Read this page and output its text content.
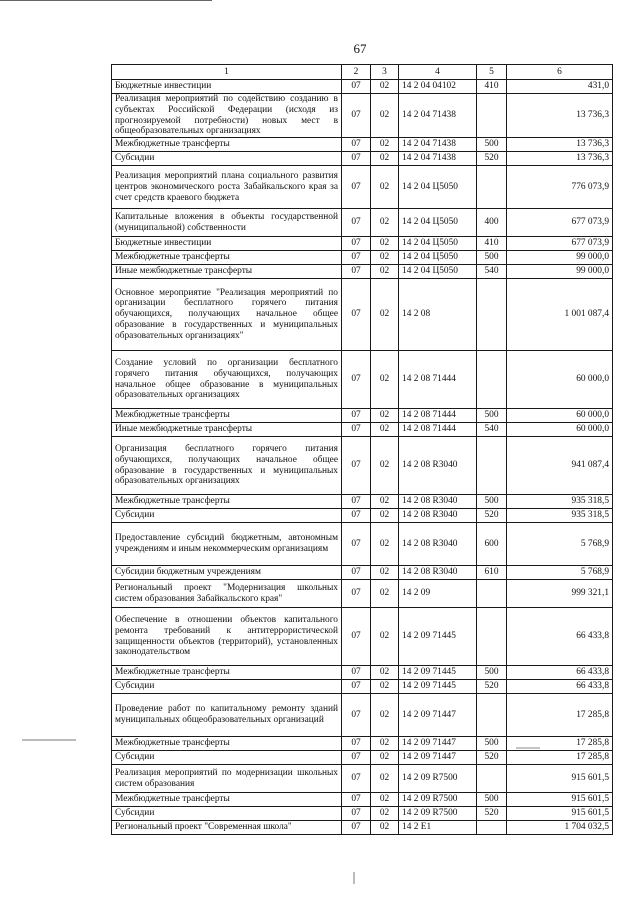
67
1	2	3	4	5	6
Бюджетные инвестиции	07	02	14 2 04 04102	410	431,0
Реализация мероприятий по содействию созданию в субъектах Российской Федерации (исходя из прогнозируемой потребности) новых мест в общеобразовательных организациях	07	02	14 2 04 71438		13 736,3
Межбюджетные трансферты	07	02	14 2 04 71438	500	13 736,3
Субсидии	07	02	14 2 04 71438	520	13 736,3
Реализация мероприятий плана социального развития центров экономического роста Забайкальского края за счет средств краевого бюджета	07	02	14 2 04 Ц5050		776 073,9
Капитальные вложения в объекты государственной (муниципальной) собственности	07	02	14 2 04 Ц5050	400	677 073,9
Бюджетные инвестиции	07	02	14 2 04 Ц5050	410	677 073,9
Межбюджетные трансферты	07	02	14 2 04 Ц5050	500	99 000,0
Иные межбюджетные трансферты	07	02	14 2 04 Ц5050	540	99 000,0
Основное мероприятие "Реализация мероприятий по организации бесплатного горячего питания обучающихся, получающих начальное общее образование в государственных и муниципальных образовательных организациях"	07	02	14 2 08		1 001 087,4
Создание условий по организации бесплатного горячего питания обучающихся, получающих начальное общее образование в муниципальных образовательных организациях	07	02	14 2 08 71444		60 000,0
Межбюджетные трансферты	07	02	14 2 08 71444	500	60 000,0
Иные межбюджетные трансферты	07	02	14 2 08 71444	540	60 000,0
Организация бесплатного горячего питания обучающихся, получающих начальное общее образование в государственных и муниципальных образовательных организациях	07	02	14 2 08 R3040		941 087,4
Межбюджетные трансферты	07	02	14 2 08 R3040	500	935 318,5
Субсидии	07	02	14 2 08 R3040	520	935 318,5
Предоставление субсидий бюджетным, автономным учреждениям и иным некоммерческим организациям	07	02	14 2 08 R3040	600	5 768,9
Субсидии бюджетным учреждениям	07	02	14 2 08 R3040	610	5 768,9
Региональный проект "Модернизация школьных систем образования Забайкальского края"	07	02	14 2 09		999 321,1
Обеспечение в отношении объектов капитального ремонта требований к антитеррористической защищенности объектов (территорий), установленных законодательством	07	02	14 2 09 71445		66 433,8
Межбюджетные трансферты	07	02	14 2 09 71445	500	66 433,8
Субсидии	07	02	14 2 09 71445	520	66 433,8
Проведение работ по капитальному ремонту зданий муниципальных общеобразовательных организаций	07	02	14 2 09 71447		17 285,8
Межбюджетные трансферты	07	02	14 2 09 71447	500	17 285,8
Субсидии	07	02	14 2 09 71447	520	17 285,8
Реализация мероприятий по модернизации школьных систем образования	07	02	14 2 09 R7500		915 601,5
Межбюджетные трансферты	07	02	14 2 09 R7500	500	915 601,5
Субсидии	07	02	14 2 09 R7500	520	915 601,5
Региональный проект "Современная школа"	07	02	14 2 E1		1 704 032,5
